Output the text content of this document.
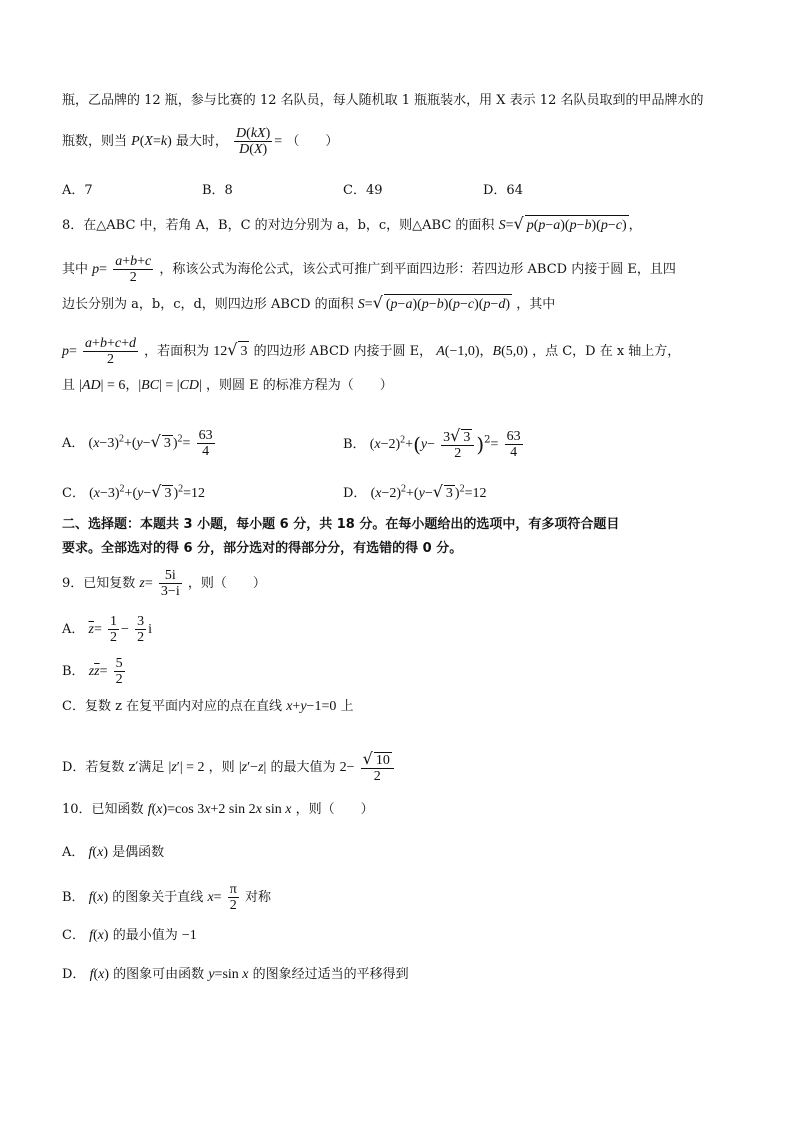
瓶，乙品牌的 12 瓶，参与比赛的 12 名队员，每人随机取 1 瓶瓶装水，用 X 表示 12 名队员取到的甲品牌水的
瓶数，则当 P(X=k) 最大时， $\frac{D(kX)}{D(X)}$ = （　　）
A．7	B．8	C．49	D．64
8．在△ABC 中，若角 A，B，C 的对边分别为 a，b，c，则△ABC 的面积 S=√ p(p−a)(p−b)(p−c) ，
其中 $p= \frac{a+b+c}{2}$ ，称该公式为海伦公式，该公式可推广到平面四边形：若四边形 ABCD 内接于圆 E，且四
边长分别为 a，b，c，d，则四边形 ABCD 的面积 S=√ (p−a)(p−b)(p−c)(p−d) ，其中
$p= \frac{a+b+c+d}{2}$ ，若面积为 12√ 3 的四边形 ABCD 内接于圆 E， A(−1,0)，B(5,0) ，点 C，D 在 x 轴上方，
且 |AD| = 6，|BC| = |CD| ，则圆 E 的标准方程为（　　）
A． $(x-3)^2+(y-√$ 3 )$^2= \frac{63}{4}$	B． $(x-2)^2+(y- \frac{3√ 3}{2} )^2= \frac{63}{4}$
C． $(x-3)^2+(y-√$ 3 )$^2$=12	D． $(x-2)^2+(y-√$ 3 )$^2$=12
二、选择题：本题共 3 小题，每小题 6 分，共 18 分。在每小题给出的选项中，有多项符合题目
要求。全部选对的得 6 分，部分选对的得部分分，有选错的得 0 分。
9．已知复数 $z= \frac{5i}{3-i}$ ，则（　　）
A． $\overline{z}= \frac{1}{2} - \frac{3}{2}$ i
B． $z\overline{z}= \frac{5}{2}$
C．复数 z 在复平面内对应的点在直线 x+y−1=0 上
D．若复数 z′满足 |z′| = 2 ，则 |z′−z| 的最大值为 $2- \frac{√ 10}{2}$
10．已知函数 f(x)=cos 3x+2 sin 2x sin x ，则（　　）
A． f(x) 是偶函数
B． f(x) 的图象关于直线 $x= \frac{\pi}{2}$ 对称
C． f(x) 的最小值为 −1
D． f(x) 的图象可由函数 y=sin x 的图象经过适当的平移得到
